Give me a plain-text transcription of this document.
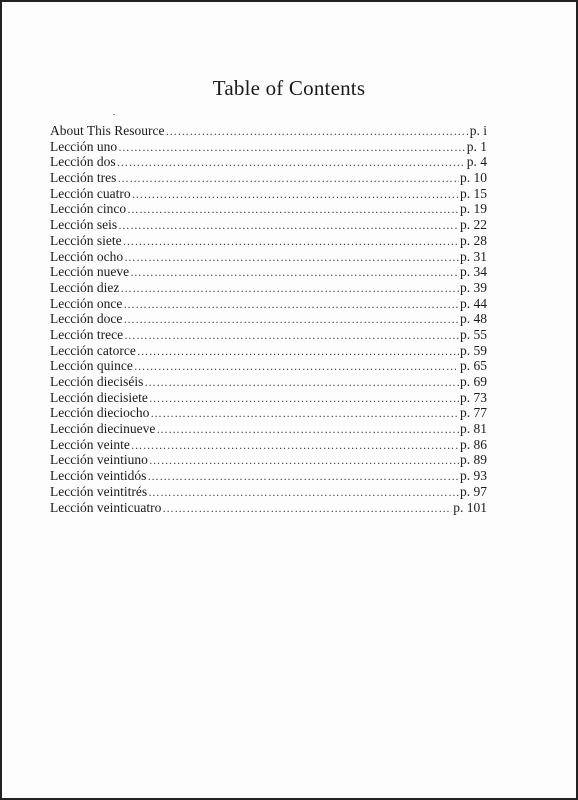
Table of Contents
About This Resource ………………………………………………………………………………………………………………………………………………………………	p. i
Lección uno ………………………………………………………………………………………………………………………………………………………………	p. 1
Lección dos ………………………………………………………………………………………………………………………………………………………………	p. 4
Lección tres ………………………………………………………………………………………………………………………………………………………………	p. 10
Lección cuatro ………………………………………………………………………………………………………………………………………………………………	p. 15
Lección cinco ………………………………………………………………………………………………………………………………………………………………	p. 19
Lección seis ………………………………………………………………………………………………………………………………………………………………	p. 22
Lección siete ………………………………………………………………………………………………………………………………………………………………	p. 28
Lección ocho ………………………………………………………………………………………………………………………………………………………………	p. 31
Lección nueve ………………………………………………………………………………………………………………………………………………………………	p. 34
Lección diez ………………………………………………………………………………………………………………………………………………………………	p. 39
Lección once ………………………………………………………………………………………………………………………………………………………………	p. 44
Lección doce ………………………………………………………………………………………………………………………………………………………………	p. 48
Lección trece ………………………………………………………………………………………………………………………………………………………………	p. 55
Lección catorce ………………………………………………………………………………………………………………………………………………………………	p. 59
Lección quince ………………………………………………………………………………………………………………………………………………………………	p. 65
Lección dieciséis ………………………………………………………………………………………………………………………………………………………………	p. 69
Lección diecisiete ………………………………………………………………………………………………………………………………………………………………	p. 73
Lección dieciocho ………………………………………………………………………………………………………………………………………………………………	p. 77
Lección diecinueve ………………………………………………………………………………………………………………………………………………………………	p. 81
Lección veinte ………………………………………………………………………………………………………………………………………………………………	p. 86
Lección veintiuno ………………………………………………………………………………………………………………………………………………………………	p. 89
Lección veintidós ………………………………………………………………………………………………………………………………………………………………	p. 93
Lección veintitrés ………………………………………………………………………………………………………………………………………………………………	p. 97
Lección veinticuatro ………………………………………………………………………………………………………………………………………………………………	p. 101
